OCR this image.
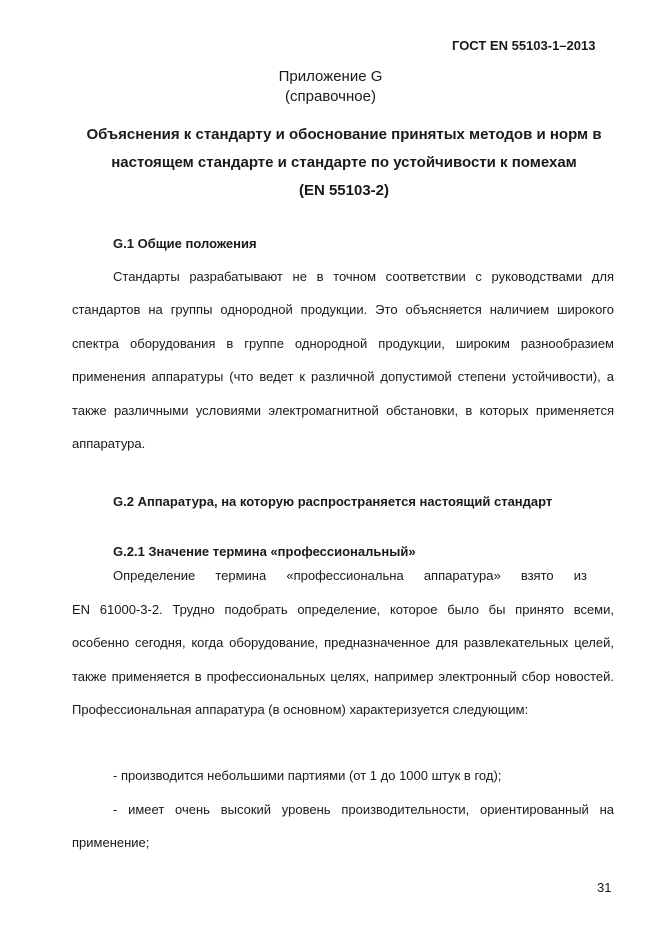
ГОСТ EN 55103-1–2013
Приложение G
(справочное)
Объяснения к стандарту и обоснование принятых методов и норм в
настоящем стандарте и стандарте по устойчивости к помехам
(EN 55103-2)
G.1 Общие положения
Стандарты разрабатывают не в точном соответствии с руководствами для стандартов на группы однородной продукции. Это объясняется наличием широкого спектра оборудования в группе однородной продукции, широким разнообразием применения аппаратуры (что ведет к различной допустимой степени устойчивости), а также различными условиями электромагнитной обстановки, в которых применяется аппаратура.
G.2 Аппаратура, на которую распространяется настоящий стандарт
G.2.1 Значение термина «профессиональный»
Определение термина «профессиональна аппаратура» взято из
EN 61000-3-2. Трудно подобрать определение, которое было бы принято всеми, особенно сегодня, когда оборудование, предназначенное для развлекательных целей, также применяется в профессиональных целях, например электронный сбор новостей. Профессиональная аппаратура (в основном) характеризуется следующим:
- производится небольшими партиями (от 1 до 1000 штук в год);
- имеет очень высокий уровень производительности, ориентированный на применение;
31
